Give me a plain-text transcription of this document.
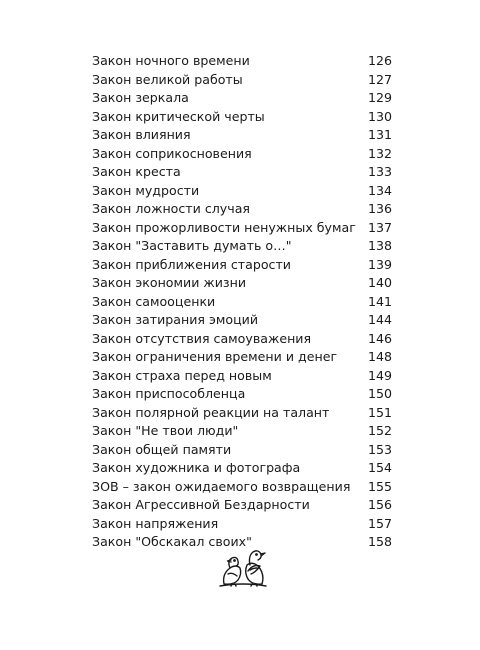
Закон ночного времени	126
Закон великой работы	127
Закон зеркала	129
Закон критической черты	130
Закон влияния	131
Закон соприкосновения	132
Закон креста	133
Закон мудрости	134
Закон ложности случая	136
Закон прожорливости ненужных бумаг 137
Закон "Заставить думать о…"	138
Закон приближения старости	139
Закон экономии жизни	140
Закон самооценки	141
Закон затирания эмоций	144
Закон отсутствия самоуважения	146
Закон ограничения времени и денег	148
Закон страха перед новым	149
Закон приспособленца	150
Закон полярной реакции на талант	151
Закон "Не твои люди"	152
Закон общей памяти	153
Закон художника и фотографа	154
ЗОВ – закон ожидаемого возвращения	155
Закон Агрессивной Бездарности	156
Закон напряжения	157
Закон "Обскакал своих"	158
